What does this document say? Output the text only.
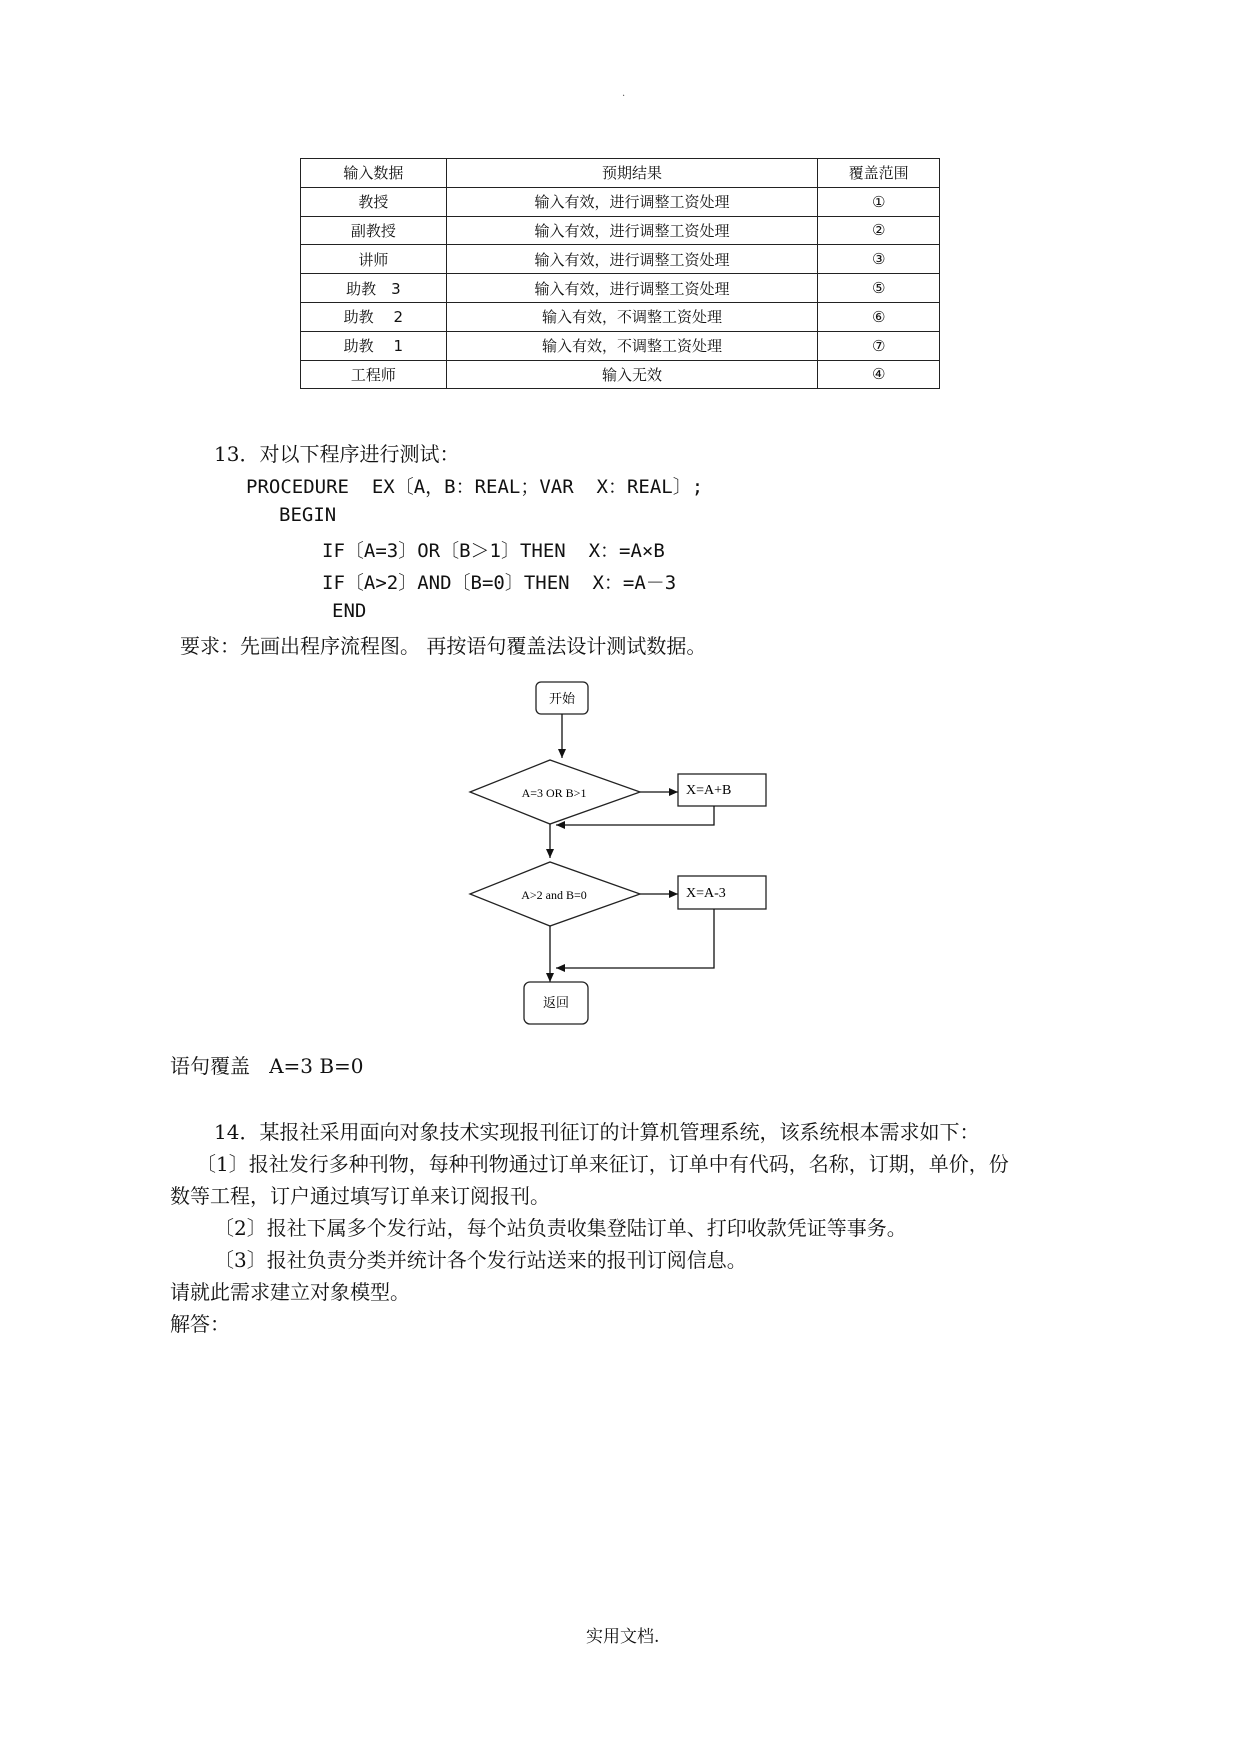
.
输入数据	预期结果	覆盖范围
教授	输入有效，进行调整工资处理	①
副教授	输入有效，进行调整工资处理	②
讲师	输入有效，进行调整工资处理	③
助教　3	输入有效，进行调整工资处理	⑤
助教　 2	输入有效，不调整工资处理	⑥
助教　 1	输入有效，不调整工资处理	⑦
工程师	输入无效	④
13．对以下程序进行测试：
PROCEDURE  EX〔A，B：REAL；VAR  X：REAL〕;
BEGIN
IF〔A=3〕OR〔B＞1〕THEN  X：=A×B
IF〔A>2〕AND〔B=0〕THEN  X：=A－3
END
要求：先画出程序流程图。 再按语句覆盖法设计测试数据。
开始
A=3 OR B>1	X=A+B
A>2 and B=0	X=A-3
返回
语句覆盖   A=3 B=0
14．某报社采用面向对象技术实现报刊征订的计算机管理系统，该系统根本需求如下：
〔1〕报社发行多种刊物，每种刊物通过订单来征订，订单中有代码，名称，订期，单价，份
数等工程，订户通过填写订单来订阅报刊。
〔2〕报社下属多个发行站，每个站负责收集登陆订单、打印收款凭证等事务。
〔3〕报社负责分类并统计各个发行站送来的报刊订阅信息。
请就此需求建立对象模型。
解答：
实用文档.
